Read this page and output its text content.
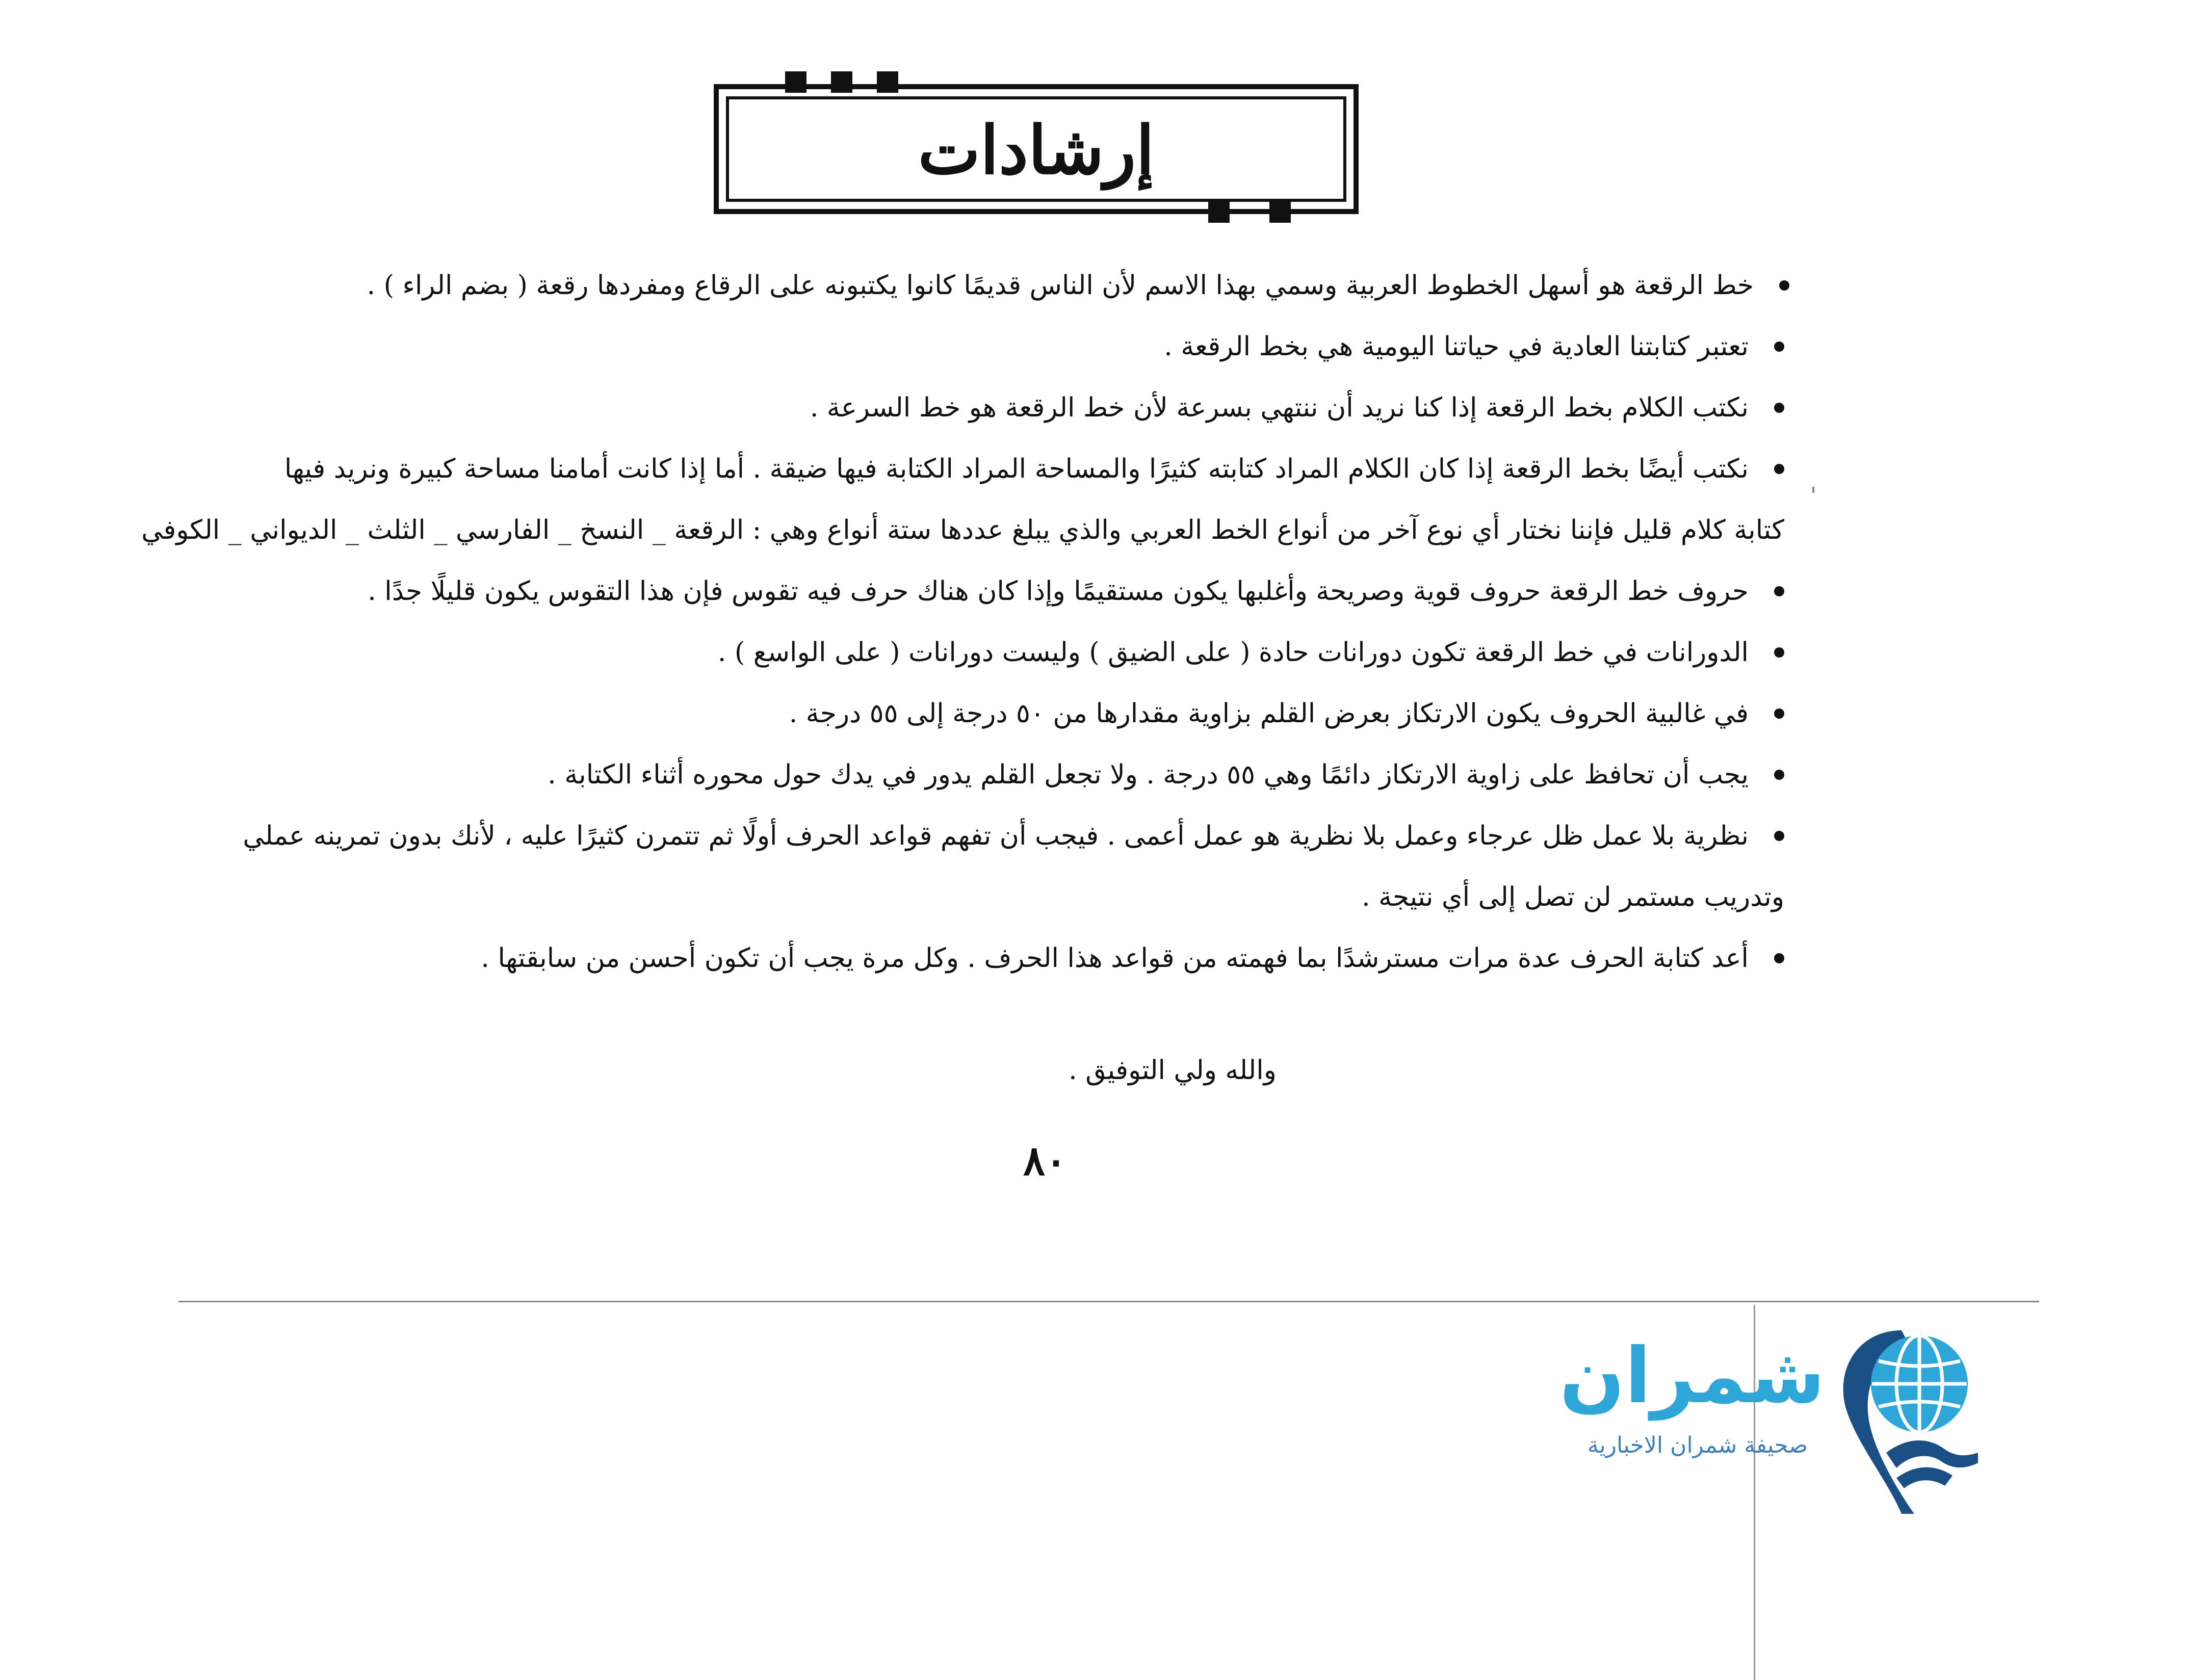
إرشادات
خط الرقعة هو أسهل الخطوط العربية وسمي بهذا الاسم لأن الناس قديمًا كانوا يكتبونه على الرقاع ومفردها رقعة ( بضم الراء ) .
تعتبر كتابتنا العادية في حياتنا اليومية هي بخط الرقعة .
نكتب الكلام بخط الرقعة إذا كنا نريد أن ننتهي بسرعة لأن خط الرقعة هو خط السرعة .
نكتب أيضًا بخط الرقعة إذا كان الكلام المراد كتابته كثيرًا والمساحة المراد الكتابة فيها ضيقة . أما إذا كانت أمامنا مساحة كبيرة ونريد فيها
كتابة كلام قليل فإننا نختار أي نوع آخر من أنواع الخط العربي والذي يبلغ عددها ستة أنواع وهي : الرقعة _ النسخ _ الفارسي _ الثلث _ الديواني _ الكوفي
حروف خط الرقعة حروف قوية وصريحة وأغلبها يكون مستقيمًا وإذا كان هناك حرف فيه تقوس فإن هذا التقوس يكون قليلًا جدًا .
الدورانات في خط الرقعة تكون دورانات حادة ( على الضيق ) وليست دورانات ( على الواسع ) .
في غالبية الحروف يكون الارتكاز بعرض القلم بزاوية مقدارها من ٥٠ درجة إلى ٥٥ درجة .
يجب أن تحافظ على زاوية الارتكاز دائمًا وهي ٥٥ درجة . ولا تجعل القلم يدور في يدك حول محوره أثناء الكتابة .
نظرية بلا عمل ظل عرجاء وعمل بلا نظرية هو عمل أعمى . فيجب أن تفهم قواعد الحرف أولًا ثم تتمرن كثيرًا عليه ، لأنك بدون تمرينه عملي
وتدريب مستمر لن تصل إلى أي نتيجة .
أعد كتابة الحرف عدة مرات مسترشدًا بما فهمته من قواعد هذا الحرف . وكل مرة يجب أن تكون أحسن من سابقتها .
والله ولي التوفيق .
٨٠
شمران
صحيفة شمران الاخبارية
